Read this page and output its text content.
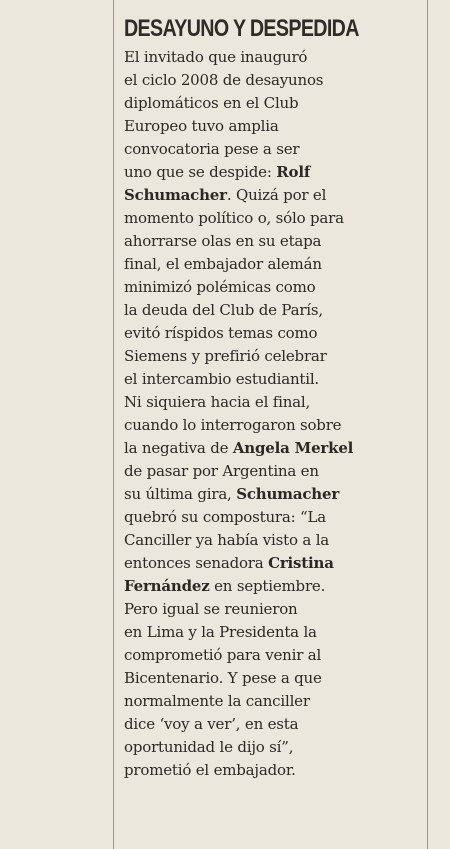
DESAYUNO Y DESPEDIDA
El invitado que inauguró
el ciclo 2008 de desayunos
diplomáticos en el Club
Europeo tuvo amplia
convocatoria pese a ser
uno que se despide: Rolf
Schumacher. Quizá por el
momento político o, sólo para
ahorrarse olas en su etapa
final, el embajador alemán
minimizó polémicas como
la deuda del Club de París,
evitó ríspidos temas como
Siemens y prefirió celebrar
el intercambio estudiantil.
Ni siquiera hacia el final,
cuando lo interrogaron sobre
la negativa de Angela Merkel
de pasar por Argentina en
su última gira, Schumacher
quebró su compostura: “La
Canciller ya había visto a la
entonces senadora Cristina
Fernández en septiembre.
Pero igual se reunieron
en Lima y la Presidenta la
comprometió para venir al
Bicentenario. Y pese a que
normalmente la canciller
dice ‘voy a ver’, en esta
oportunidad le dijo sí”,
prometió el embajador.
